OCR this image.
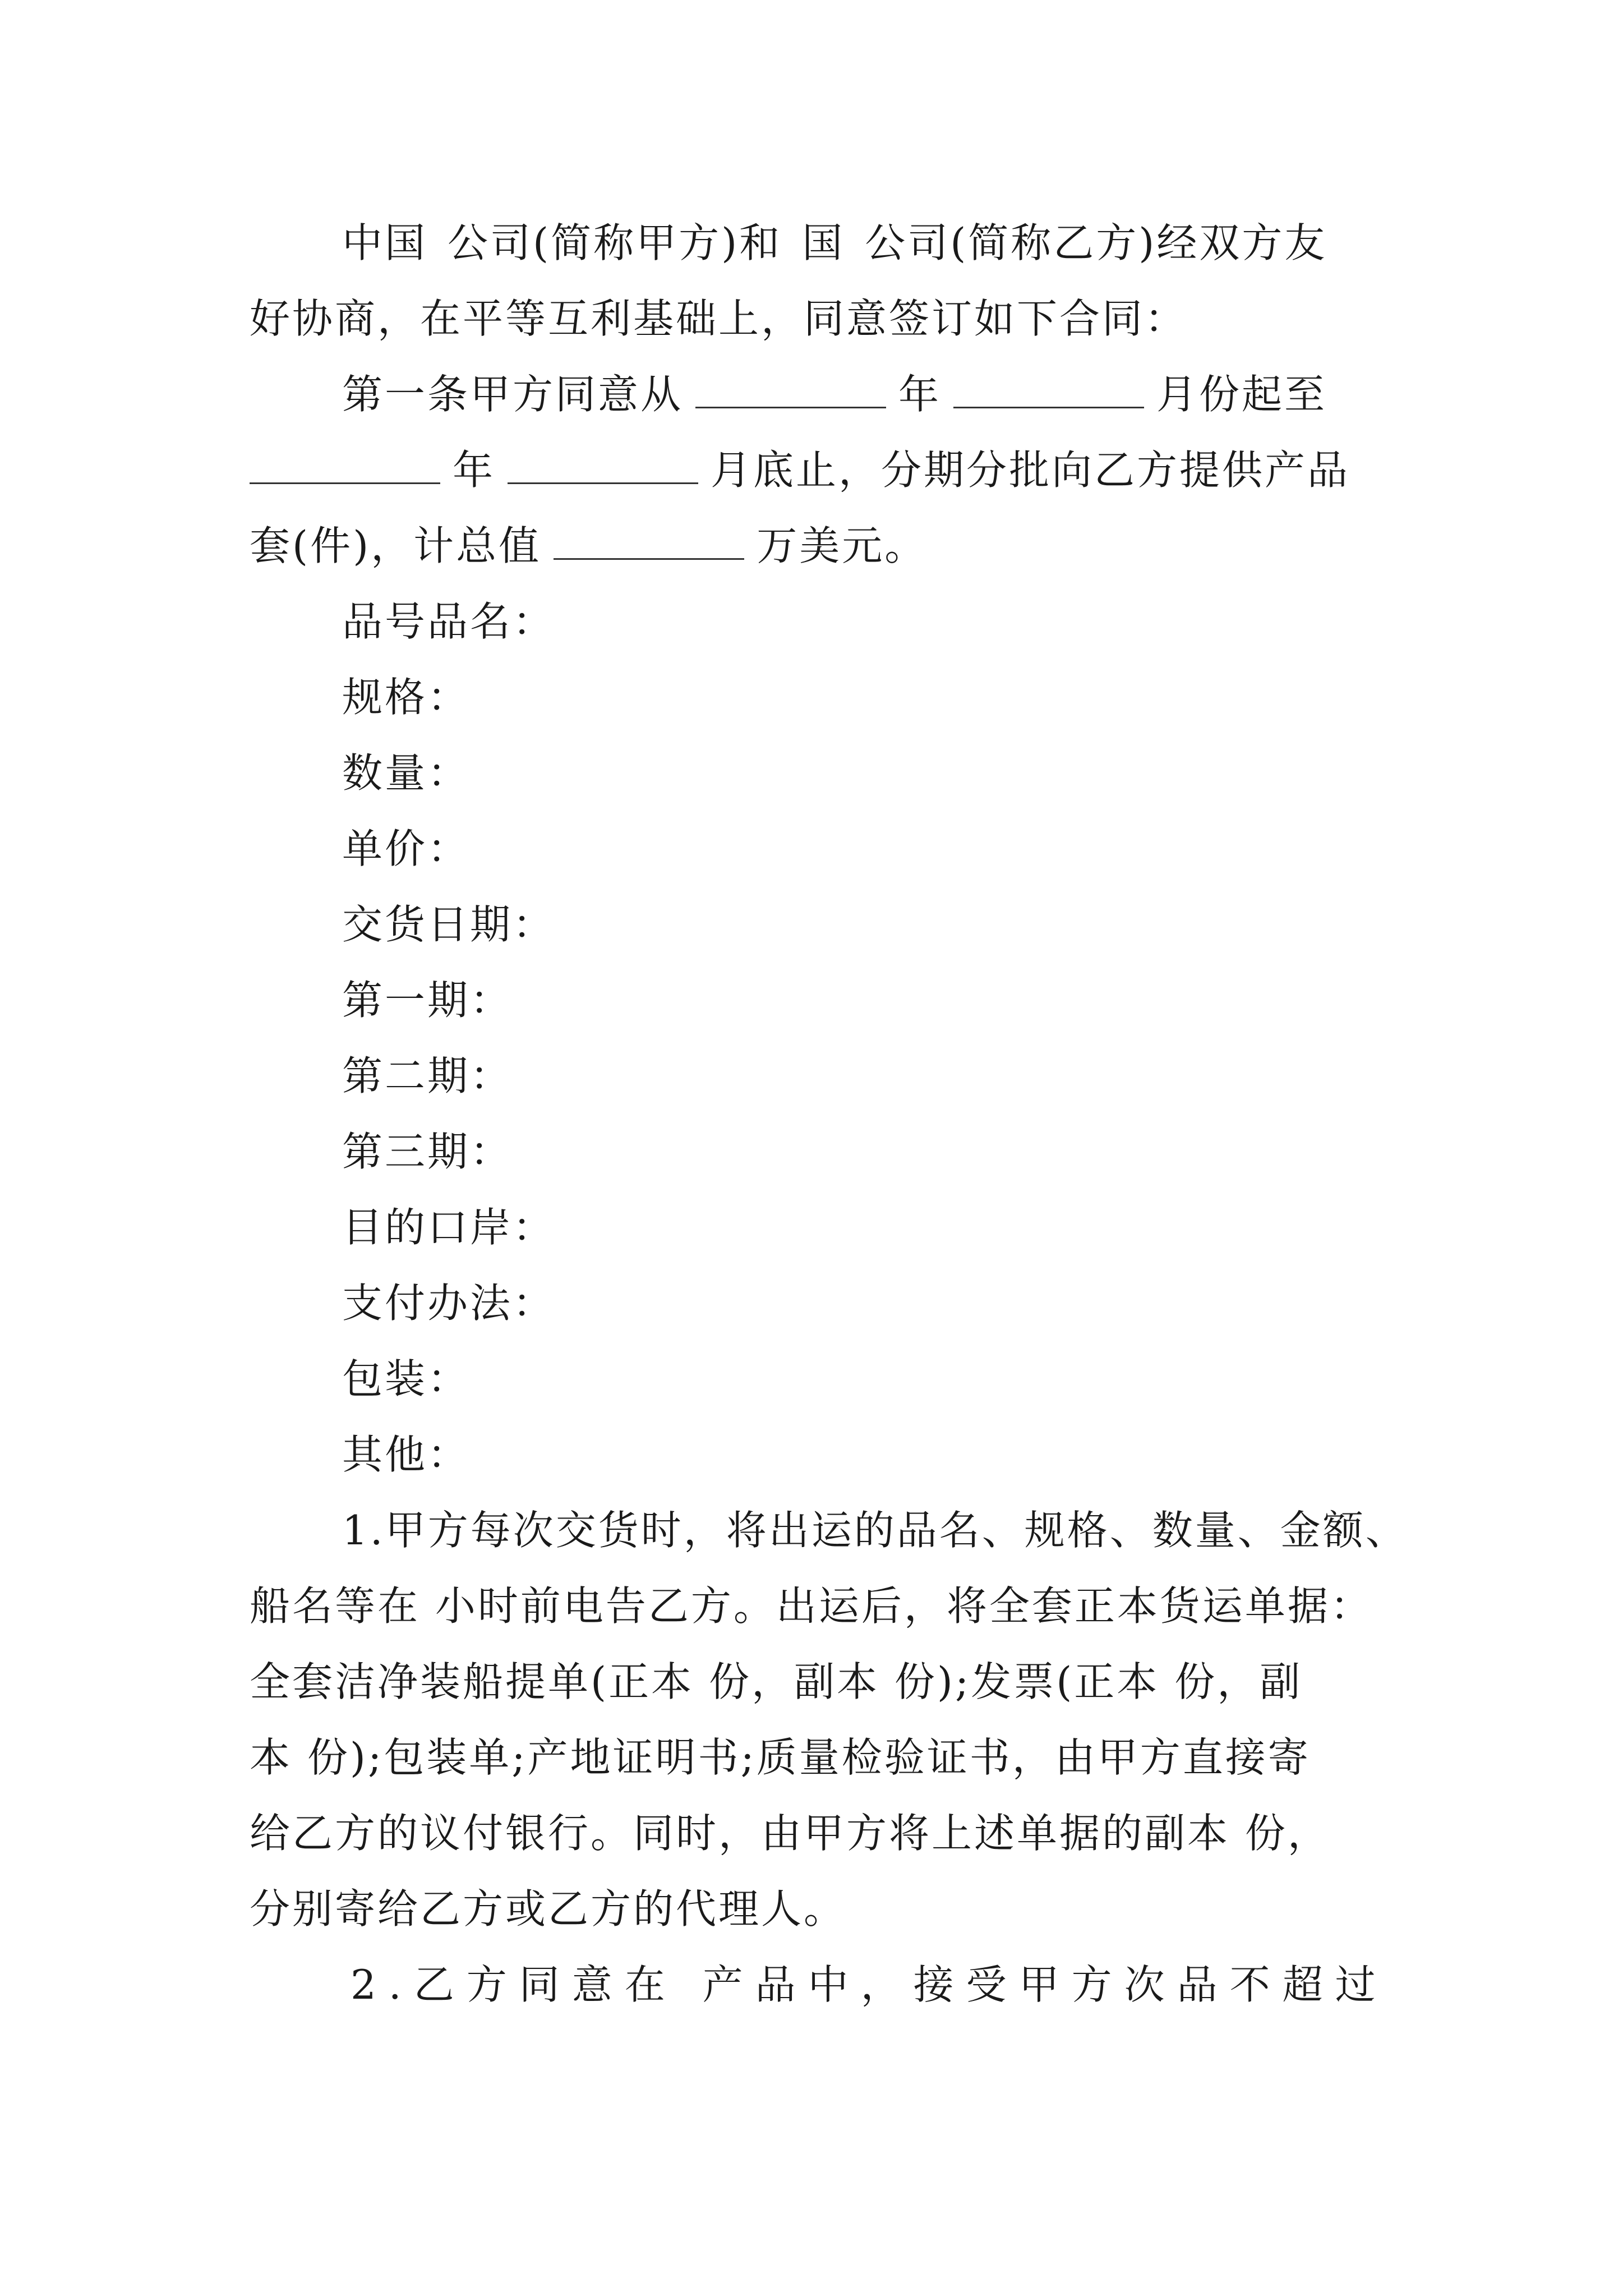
中国 公司(简称甲方)和 国 公司(简称乙方)经双方友
好协商，在平等互利基础上，同意签订如下合同：
第一条甲方同意从	年	月份起至
年	月底止，分期分批向乙方提供产品
套(件)，计总值	万美元。
品号品名：
规格：
数量：
单价：
交货日期：
第一期：
第二期：
第三期：
目的口岸：
支付办法：
包装：
其他：
1.甲方每次交货时，将出运的品名、规格、数量、金额、
船名等在 小时前电告乙方。出运后，将全套正本货运单据：
全套洁净装船提单(正本 份，副本 份);发票(正本 份，副
本 份);包装单;产地证明书;质量检验证书，由甲方直接寄
给乙方的议付银行。同时，由甲方将上述单据的副本 份，
分别寄给乙方或乙方的代理人。
2.乙方同意在 产品中，接受甲方次品不超过
